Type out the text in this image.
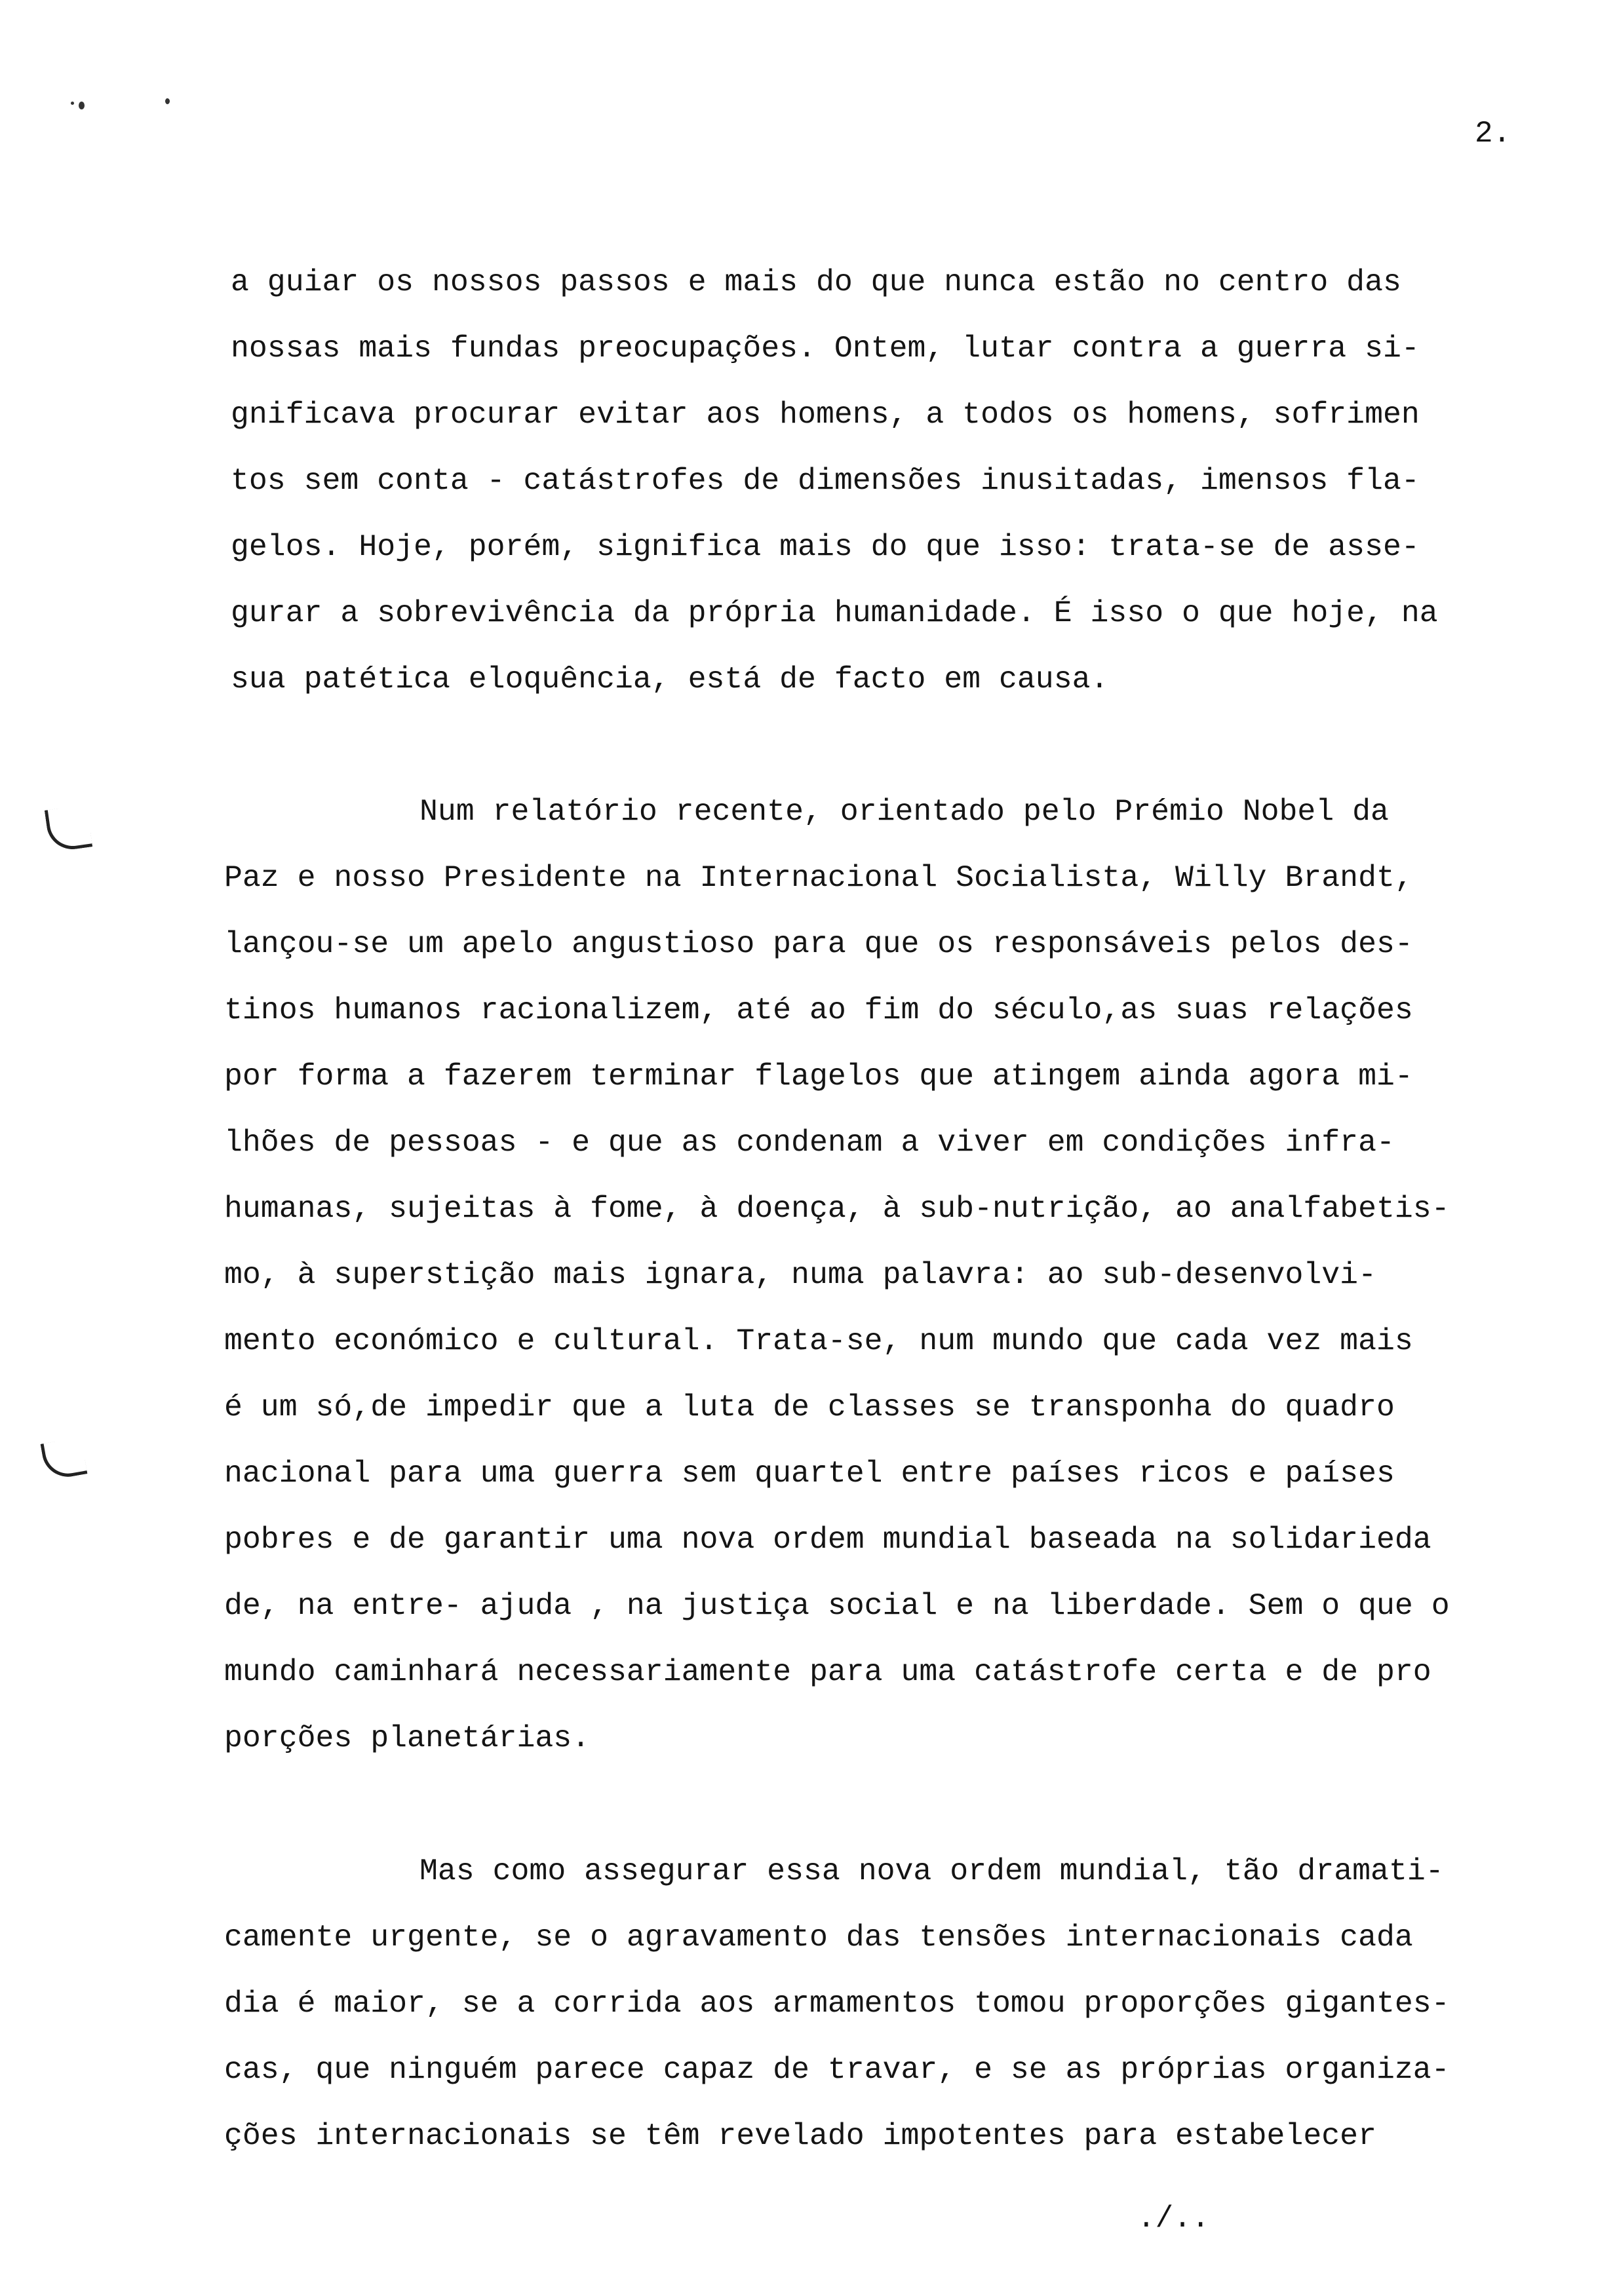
2.
a guiar os nossos passos e mais do que nunca estão no centro das
nossas mais fundas preocupações. Ontem, lutar contra a guerra si-
gnificava procurar evitar aos homens, a todos os homens, sofrimen
tos sem conta - catástrofes de dimensões inusitadas, imensos fla-
gelos. Hoje, porém, significa mais do que isso: trata-se de asse-
gurar a sobrevivência da própria humanidade. É isso o que hoje, na
sua patética eloquência, está de facto em causa.
Num relatório recente, orientado pelo Prémio Nobel da
Paz e nosso Presidente na Internacional Socialista, Willy Brandt,
lançou-se um apelo angustioso para que os responsáveis pelos des-
tinos humanos racionalizem, até ao fim do século,as suas relações
por forma a fazerem terminar flagelos que atingem ainda agora mi-
lhões de pessoas - e que as condenam a viver em condições infra-
humanas, sujeitas à fome, à doença, à sub-nutrição, ao analfabetis-
mo, à superstição mais ignara, numa palavra: ao sub-desenvolvi-
mento económico e cultural. Trata-se, num mundo que cada vez mais
é um só,de impedir que a luta de classes se transponha do quadro
nacional para uma guerra sem quartel entre países ricos e países
pobres e de garantir uma nova ordem mundial baseada na solidarieda
de, na entre- ajuda , na justiça social e na liberdade. Sem o que o
mundo caminhará necessariamente para uma catástrofe certa e de pro
porções planetárias.
Mas como assegurar essa nova ordem mundial, tão dramati-
camente urgente, se o agravamento das tensões internacionais cada
dia é maior, se a corrida aos armamentos tomou proporções gigantes-
cas, que ninguém parece capaz de travar, e se as próprias organiza-
ções internacionais se têm revelado impotentes para estabelecer
./..
